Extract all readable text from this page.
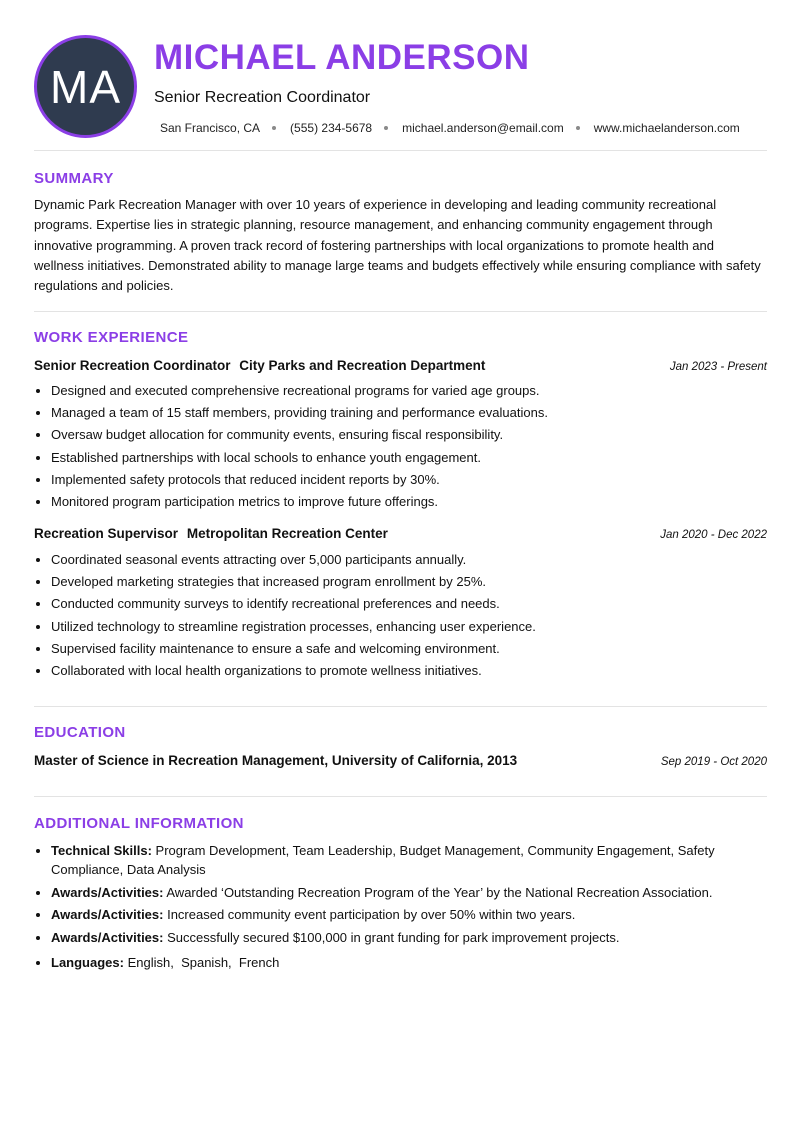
MA
MICHAEL ANDERSON
Senior Recreation Coordinator
San Francisco, CA	(555) 234-5678	michael.anderson@email.com	www.michaelanderson.com
SUMMARY

Dynamic Park Recreation Manager with over 10 years of experience in developing and leading community recreational programs. Expertise lies in strategic planning, resource management, and enhancing community engagement through innovative programming. A proven track record of fostering partnerships with local organizations to promote health and wellness initiatives. Demonstrated ability to manage large teams and budgets effectively while ensuring compliance with safety regulations and policies.

WORK EXPERIENCE
Senior Recreation Coordinator City Parks and Recreation Department	Jan 2023 - Present
• Designed and executed comprehensive recreational programs for varied age groups.
• Managed a team of 15 staff members, providing training and performance evaluations.
• Oversaw budget allocation for community events, ensuring fiscal responsibility.
• Established partnerships with local schools to enhance youth engagement.
• Implemented safety protocols that reduced incident reports by 30%.
• Monitored program participation metrics to improve future offerings.
Recreation Supervisor Metropolitan Recreation Center	Jan 2020 - Dec 2022
• Coordinated seasonal events attracting over 5,000 participants annually.
• Developed marketing strategies that increased program enrollment by 25%.
• Conducted community surveys to identify recreational preferences and needs.
• Utilized technology to streamline registration processes, enhancing user experience.
• Supervised facility maintenance to ensure a safe and welcoming environment.
• Collaborated with local health organizations to promote wellness initiatives.
EDUCATION
Master of Science in Recreation Management, University of California, 2013	Sep 2019 - Oct 2020
ADDITIONAL INFORMATION
• Technical Skills: Program Development, Team Leadership, Budget Management, Community Engagement, Safety Compliance, Data Analysis
• Awards/Activities: Awarded ‘Outstanding Recreation Program of the Year’ by the National Recreation Association.
• Awards/Activities: Increased community event participation by over 50% within two years.
• Awards/Activities: Successfully secured $100,000 in grant funding for park improvement projects.
• Languages: English,  Spanish,  French
